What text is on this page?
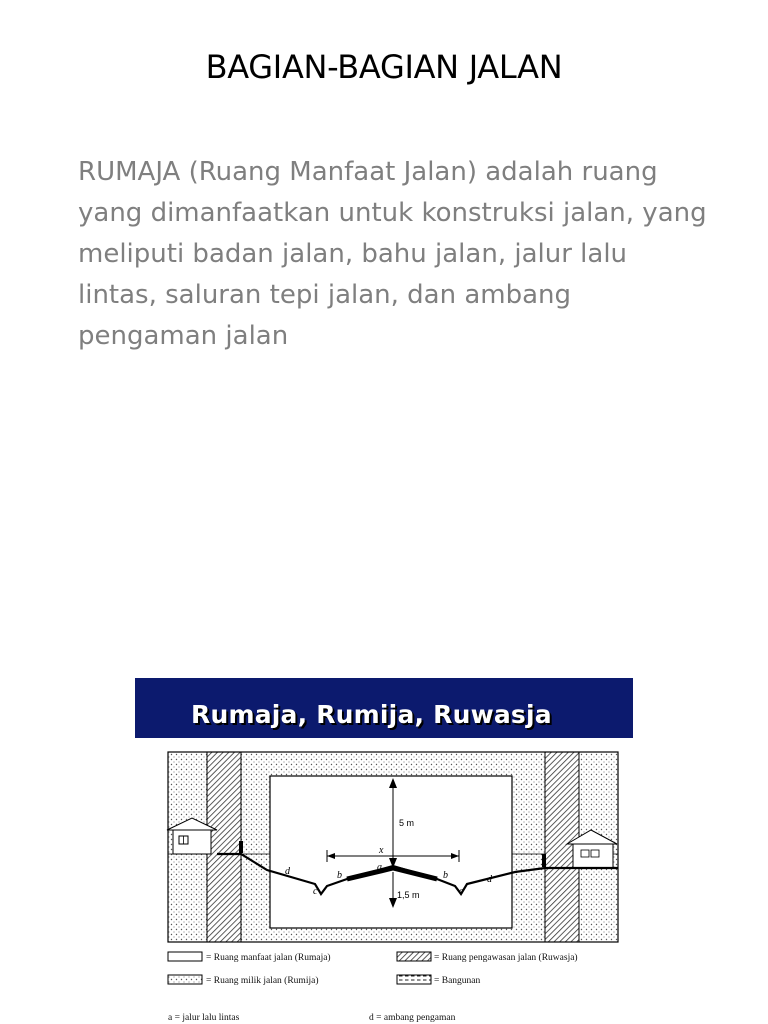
BAGIAN-BAGIAN JALAN
RUMAJA (Ruang Manfaat Jalan) adalah ruang yang dimanfaatkan untuk konstruksi jalan, yang meliputi badan jalan, bahu jalan, jalur lalu lintas, saluran tepi jalan, dan ambang pengaman jalan
Rumaja, Rumija, Ruwasja
5 m
x
1,5 m
a
b	b
c	c
d
d
= Ruang manfaat jalan (Rumaja)	= Ruang pengawasan jalan (Ruwasja)
= Ruang milik jalan (Rumija)	= Bangunan
a = jalur lalu lintas	d = ambang pengaman
